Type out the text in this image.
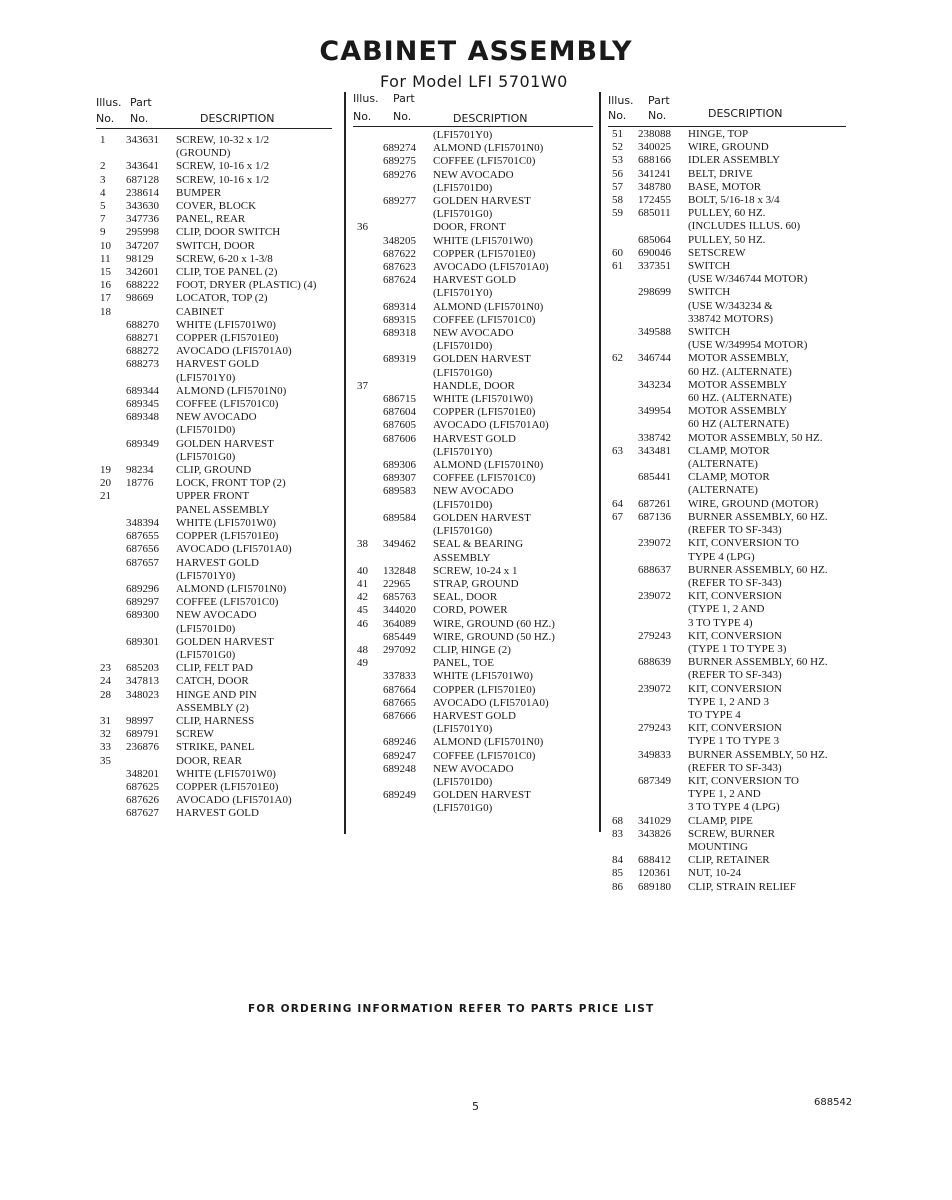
CABINET ASSEMBLY
For Model LFI 5701W0
Illus. Part
No. No.	DESCRIPTION
1 343631 SCREW, 10-32 x 1/2
(GROUND)
2 343641 SCREW, 10-16 x 1/2
3 687128 SCREW, 10-16 x 1/2
4 238614 BUMPER
5 343630 COVER, BLOCK
7 347736 PANEL, REAR
9 295998 CLIP, DOOR SWITCH
10 347207 SWITCH, DOOR
11 98129 SCREW, 6-20 x 1-3/8
15 342601 CLIP, TOE PANEL (2)
16 688222 FOOT, DRYER (PLASTIC) (4)
17 98669 LOCATOR, TOP (2)
18	CABINET
688270 WHITE (LFI5701W0)
688271 COPPER (LFI5701E0)
688272 AVOCADO (LFI5701A0)
688273 HARVEST GOLD
(LFI5701Y0)
689344 ALMOND (LFI5701N0)
689345 COFFEE (LFI5701C0)
689348 NEW AVOCADO
(LFI5701D0)
689349 GOLDEN HARVEST
(LFI5701G0)
19 98234 CLIP, GROUND
20 18776 LOCK, FRONT TOP (2)
21	UPPER FRONT
PANEL ASSEMBLY
348394 WHITE (LFI5701W0)
687655 COPPER (LFI5701E0)
687656 AVOCADO (LFI5701A0)
687657 HARVEST GOLD
(LFI5701Y0)
689296 ALMOND (LFI5701N0)
689297 COFFEE (LFI5701C0)
689300 NEW AVOCADO
(LFI5701D0)
689301 GOLDEN HARVEST
(LFI5701G0)
23 685203 CLIP, FELT PAD
24 347813 CATCH, DOOR
28 348023 HINGE AND PIN
ASSEMBLY (2)
31 98997 CLIP, HARNESS
32 689791 SCREW
33 236876 STRIKE, PANEL
35	DOOR, REAR
348201 WHITE (LFI5701W0)
687625 COPPER (LFI5701E0)
687626 AVOCADO (LFI5701A0)
687627 HARVEST GOLD
Illus. Part
No. No.	DESCRIPTION
(LFI5701Y0)
689274 ALMOND (LFI5701N0)
689275 COFFEE (LFI5701C0)
689276 NEW AVOCADO
(LFI5701D0)
689277 GOLDEN HARVEST
(LFI5701G0)
36	DOOR, FRONT
348205 WHITE (LFI5701W0)
687622 COPPER (LFI5701E0)
687623 AVOCADO (LFI5701A0)
687624 HARVEST GOLD
(LFI5701Y0)
689314 ALMOND (LFI5701N0)
689315 COFFEE (LFI5701C0)
689318 NEW AVOCADO
(LFI5701D0)
689319 GOLDEN HARVEST
(LFI5701G0)
37	HANDLE, DOOR
686715 WHITE (LFI5701W0)
687604 COPPER (LFI5701E0)
687605 AVOCADO (LFI5701A0)
687606 HARVEST GOLD
(LFI5701Y0)
689306 ALMOND (LFI5701N0)
689307 COFFEE (LFI5701C0)
689583 NEW AVOCADO
(LFI5701D0)
689584 GOLDEN HARVEST
(LFI5701G0)
38 349462 SEAL & BEARING
ASSEMBLY
40 132848 SCREW, 10-24 x 1
41 22965 STRAP, GROUND
42 685763 SEAL, DOOR
45 344020 CORD, POWER
46 364089 WIRE, GROUND (60 HZ.)
685449 WIRE, GROUND (50 HZ.)
48 297092 CLIP, HINGE (2)
49	PANEL, TOE
337833 WHITE (LFI5701W0)
687664 COPPER (LFI5701E0)
687665 AVOCADO (LFI5701A0)
687666 HARVEST GOLD
(LFI5701Y0)
689246 ALMOND (LFI5701N0)
689247 COFFEE (LFI5701C0)
689248 NEW AVOCADO
(LFI5701D0)
689249 GOLDEN HARVEST
(LFI5701G0)
Illus. Part
No. No.	DESCRIPTION
51 238088 HINGE, TOP
52 340025 WIRE, GROUND
53 688166 IDLER ASSEMBLY
56 341241 BELT, DRIVE
57 348780 BASE, MOTOR
58 172455 BOLT, 5/16-18 x 3/4
59 685011 PULLEY, 60 HZ.
(INCLUDES ILLUS. 60)
685064 PULLEY, 50 HZ.
60 690046 SETSCREW
61 337351 SWITCH
(USE W/346744 MOTOR)
298699 SWITCH
(USE W/343234 &
338742 MOTORS)
349588 SWITCH
(USE W/349954 MOTOR)
62 346744 MOTOR ASSEMBLY,
60 HZ. (ALTERNATE)
343234 MOTOR ASSEMBLY
60 HZ. (ALTERNATE)
349954 MOTOR ASSEMBLY
60 HZ (ALTERNATE)
338742 MOTOR ASSEMBLY, 50 HZ.
63 343481 CLAMP, MOTOR
(ALTERNATE)
685441 CLAMP, MOTOR
(ALTERNATE)
64 687261 WIRE, GROUND (MOTOR)
67 687136 BURNER ASSEMBLY, 60 HZ.
(REFER TO SF-343)
239072 KIT, CONVERSION TO
TYPE 4 (LPG)
688637 BURNER ASSEMBLY, 60 HZ.
(REFER TO SF-343)
239072 KIT, CONVERSION
(TYPE 1, 2 AND
3 TO TYPE 4)
279243 KIT, CONVERSION
(TYPE 1 TO TYPE 3)
688639 BURNER ASSEMBLY, 60 HZ.
(REFER TO SF-343)
239072 KIT, CONVERSION
TYPE 1, 2 AND 3
TO TYPE 4
279243 KIT, CONVERSION
TYPE 1 TO TYPE 3
349833 BURNER ASSEMBLY, 50 HZ.
(REFER TO SF-343)
687349 KIT, CONVERSION TO
TYPE 1, 2 AND
3 TO TYPE 4 (LPG)
68 341029 CLAMP, PIPE
83 343826 SCREW, BURNER
MOUNTING
84 688412 CLIP, RETAINER
85 120361 NUT, 10-24
86 689180 CLIP, STRAIN RELIEF
FOR ORDERING INFORMATION REFER TO PARTS PRICE LIST
5	688542
